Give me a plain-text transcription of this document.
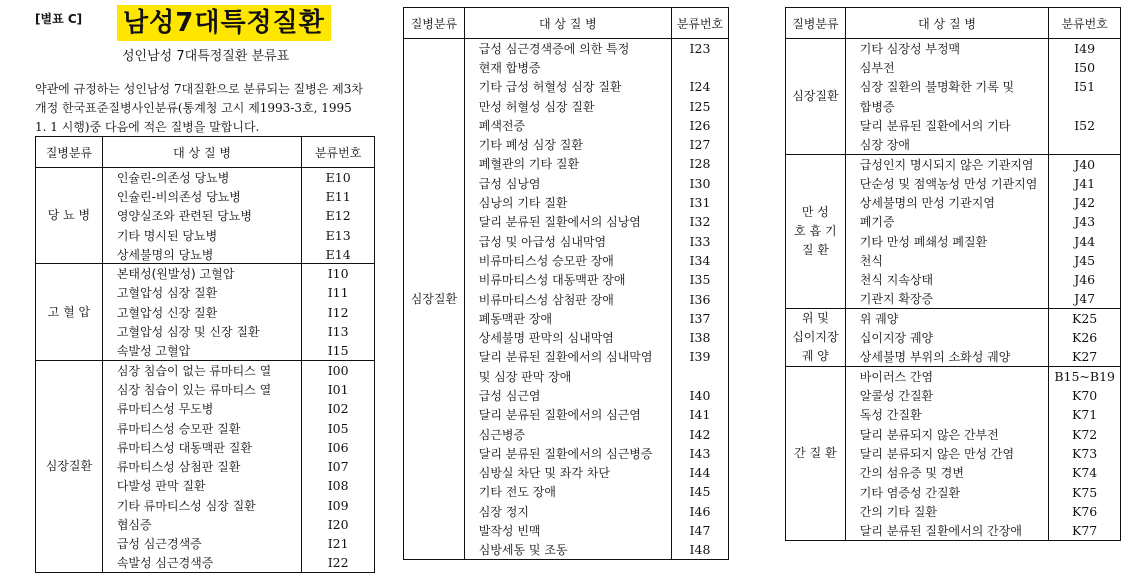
[별표 C] 남성7대특정질환
성인남성 7대특정질환 분류표
약관에 규정하는 성인남성 7대질환으로 분류되는 질병은 제3차
개정 한국표준질병사인분류(통계청 고시 제1993-3호, 1995
1. 1 시행)중 다음에 적은 질병을 말합니다.
질병분류	대 상 질 병	분류번호

당 뇨 병	인슐린-의존성 당뇨병	E10
	인슐린-비의존성 당뇨병	E11
	영양실조와 관련된 당뇨병	E12
	기타 명시된 당뇨병	E13
	상세불명의 당뇨병	E14

고 혈 압	본태성(원발성) 고혈압	I10
	고혈압성 심장 질환	I11
	고혈압성 신장 질환	I12
	고혈압성 심장 및 신장 질환	I13
	속발성 고혈압	I15

심장질환	심장 침습이 없는 류마티스 열	I00
	심장 침습이 있는 류마티스 열	I01
	류마티스성 무도병	I02
	류마티스성 승모판 질환	I05
	류마티스성 대동맥판 질환	I06
	류마티스성 삼첨판 질환	I07
	다발성 판막 질환	I08
	기타 류마티스성 심장 질환	I09
	협심증	I20
	급성 심근경색증	I21
	속발성 심근경색증	I22
질병분류	대 상 질 병	분류번호

심장질환	급성 심근경색증에 의한 특정	I23
	현재 합병증	
	기타 급성 허혈성 심장 질환	I24
	만성 허혈성 심장 질환	I25
	폐색전증	I26
	기타 폐성 심장 질환	I27
	폐혈관의 기타 질환	I28
	급성 심낭염	I30
	심낭의 기타 질환	I31
	달리 분류된 질환에서의 심낭염	I32
	급성 및 아급성 심내막염	I33
	비류마티스성 승모판 장애	I34
	비류마티스성 대동맥판 장애	I35
	비류마티스성 삼첨판 장애	I36
	폐동맥판 장애	I37
	상세불명 판막의 심내막염	I38
	달리 분류된 질환에서의 심내막염	I39
	및 심장 판막 장애	
	급성 심근염	I40
	달리 분류된 질환에서의 심근염	I41
	심근병증	I42
	달리 분류된 질환에서의 심근병증	I43
	심방실 차단 및 좌각 차단	I44
	기타 전도 장애	I45
	심장 정지	I46
	발작성 빈맥	I47
	심방세동 및 조동	I48
질병분류	대 상 질 병	분류번호

심장질환	기타 심장성 부정맥	I49
	심부전	I50
	심장 질환의 불명확한 기록 및	I51
	합병증	
	달리 분류된 질환에서의 기타	I52
	심장 장애	

만 성
호 흡 기
질 환	급성인지 명시되지 않은 기관지염	J40
	단순성 및 점액농성 만성 기관지염	J41
	상세불명의 만성 기관지염	J42
	폐기증	J43
	기타 만성 폐쇄성 폐질환	J44
	천식	J45
	천식 지속상태	J46
	기관지 확장증	J47

위 및
십이지장
궤 양	위 궤양	K25
	십이지장 궤양	K26
	상세불명 부위의 소화성 궤양	K27

간 질 환	바이러스 간염	B15~B19
	알콜성 간질환	K70
	독성 간질환	K71
	달리 분류되지 않은 간부전	K72
	달리 분류되지 않은 만성 간염	K73
	간의 섬유증 및 경변	K74
	기타 염증성 간질환	K75
	간의 기타 질환	K76
	달리 분류된 질환에서의 간장애	K77
